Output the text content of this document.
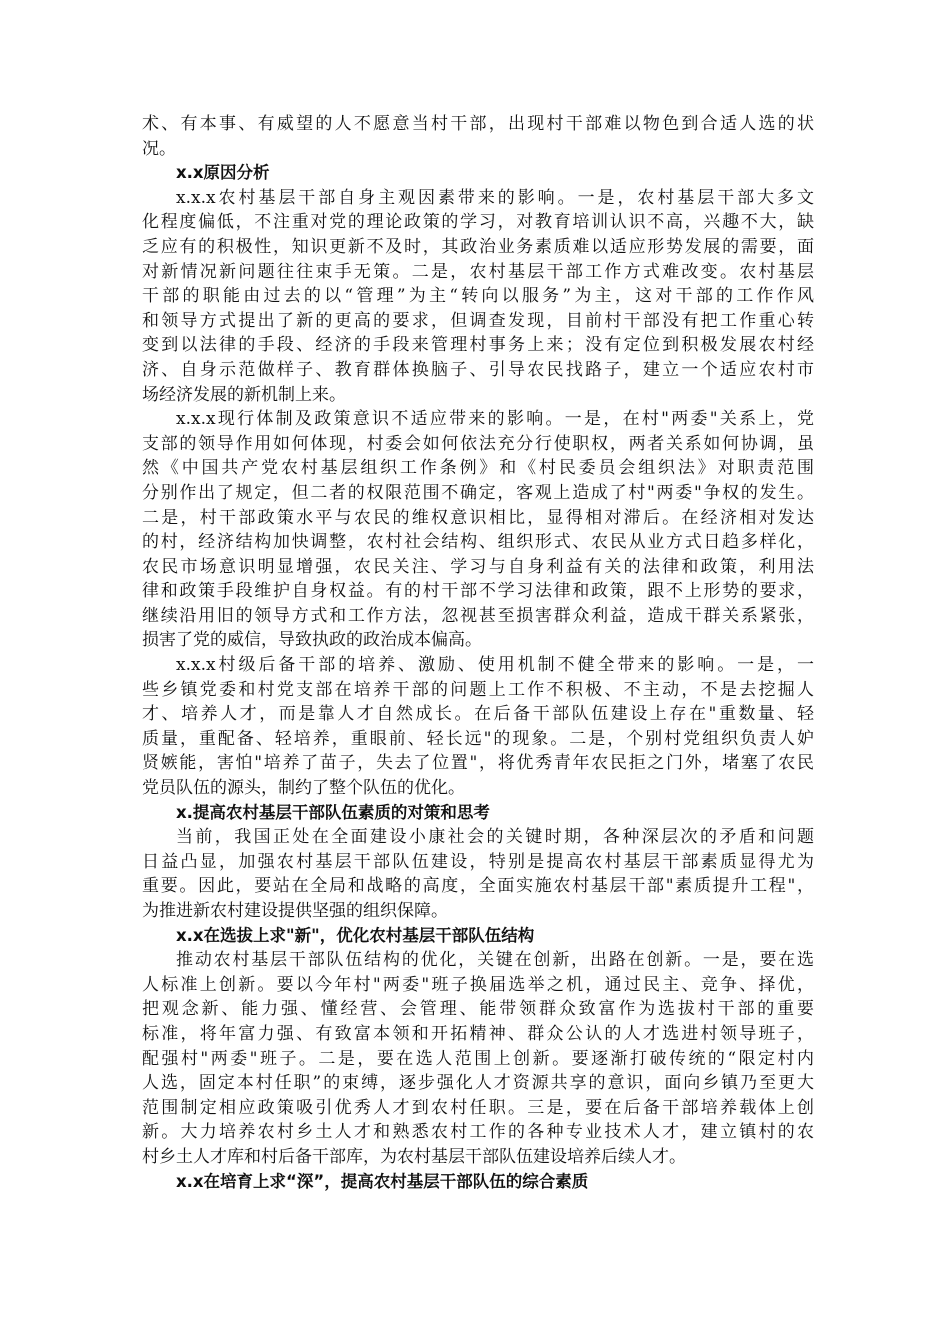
术、有本事、有威望的人不愿意当村干部，出现村干部难以物色到合适人选的状
况。
x.x原因分析
x.x.x农村基层干部自身主观因素带来的影响。一是，农村基层干部大多文
化程度偏低，不注重对党的理论政策的学习，对教育培训认识不高，兴趣不大，缺
乏应有的积极性，知识更新不及时，其政治业务素质难以适应形势发展的需要，面
对新情况新问题往往束手无策。二是，农村基层干部工作方式难改变。农村基层
干部的职能由过去的以“管理”为主“转向以服务”为主，这对干部的工作作风
和领导方式提出了新的更高的要求，但调查发现，目前村干部没有把工作重心转
变到以法律的手段、经济的手段来管理村事务上来；没有定位到积极发展农村经
济、自身示范做样子、教育群体换脑子、引导农民找路子，建立一个适应农村市
场经济发展的新机制上来。
x.x.x现行体制及政策意识不适应带来的影响。一是，在村"两委"关系上，党
支部的领导作用如何体现，村委会如何依法充分行使职权，两者关系如何协调，虽
然《中国共产党农村基层组织工作条例》和《村民委员会组织法》对职责范围
分别作出了规定，但二者的权限范围不确定，客观上造成了村"两委"争权的发生。
二是，村干部政策水平与农民的维权意识相比，显得相对滞后。在经济相对发达
的村，经济结构加快调整，农村社会结构、组织形式、农民从业方式日趋多样化，
农民市场意识明显增强，农民关注、学习与自身利益有关的法律和政策，利用法
律和政策手段维护自身权益。有的村干部不学习法律和政策，跟不上形势的要求，
继续沿用旧的领导方式和工作方法，忽视甚至损害群众利益，造成干群关系紧张，
损害了党的威信，导致执政的政治成本偏高。
x.x.x村级后备干部的培养、激励、使用机制不健全带来的影响。一是，一
些乡镇党委和村党支部在培养干部的问题上工作不积极、不主动，不是去挖掘人
才、培养人才，而是靠人才自然成长。在后备干部队伍建设上存在"重数量、轻
质量，重配备、轻培养，重眼前、轻长远"的现象。二是，个别村党组织负责人妒
贤嫉能，害怕"培养了苗子，失去了位置"，将优秀青年农民拒之门外，堵塞了农民
党员队伍的源头，制约了整个队伍的优化。
x.提高农村基层干部队伍素质的对策和思考
当前，我国正处在全面建设小康社会的关键时期，各种深层次的矛盾和问题
日益凸显，加强农村基层干部队伍建设，特别是提高农村基层干部素质显得尤为
重要。因此，要站在全局和战略的高度，全面实施农村基层干部"素质提升工程"，
为推进新农村建设提供坚强的组织保障。
x.x在选拔上求"新"，优化农村基层干部队伍结构
推动农村基层干部队伍结构的优化，关键在创新，出路在创新。一是，要在选
人标准上创新。要以今年村"两委"班子换届选举之机，通过民主、竞争、择优，
把观念新、能力强、懂经营、会管理、能带领群众致富作为选拔村干部的重要
标准，将年富力强、有致富本领和开拓精神、群众公认的人才选进村领导班子，
配强村"两委"班子。二是，要在选人范围上创新。要逐渐打破传统的“限定村内
人选，固定本村任职”的束缚，逐步强化人才资源共享的意识，面向乡镇乃至更大
范围制定相应政策吸引优秀人才到农村任职。三是，要在后备干部培养载体上创
新。大力培养农村乡土人才和熟悉农村工作的各种专业技术人才，建立镇村的农
村乡土人才库和村后备干部库，为农村基层干部队伍建设培养后续人才。
x.x在培育上求“深”，提高农村基层干部队伍的综合素质
